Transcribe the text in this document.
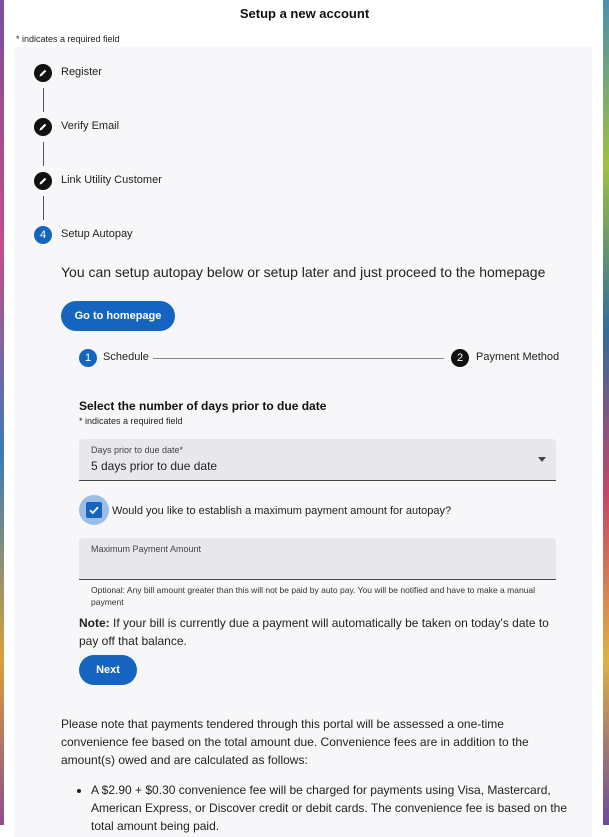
Setup a new account
* indicates a required field
Register
Verify Email
Link Utility Customer
4	Setup Autopay
You can setup autopay below or setup later and just proceed to the homepage
Go to homepage
1	Schedule	2	Payment Method
Select the number of days prior to due date
* indicates a required field
Days prior to due date*
5 days prior to due date
Would you like to establish a maximum payment amount for autopay?
Maximum Payment Amount
Optional: Any bill amount greater than this will not be paid by auto pay. You will be notified and have to make a manual payment
Note: If your bill is currently due a payment will automatically be taken on today's date to pay off that balance.
Next
Please note that payments tendered through this portal will be assessed a one-time convenience fee based on the total amount due. Convenience fees are in addition to the amount(s) owed and are calculated as follows:
• A $2.90 + $0.30 convenience fee will be charged for payments using Visa, Mastercard, American Express, or Discover credit or debit cards. The convenience fee is based on the total amount being paid.
